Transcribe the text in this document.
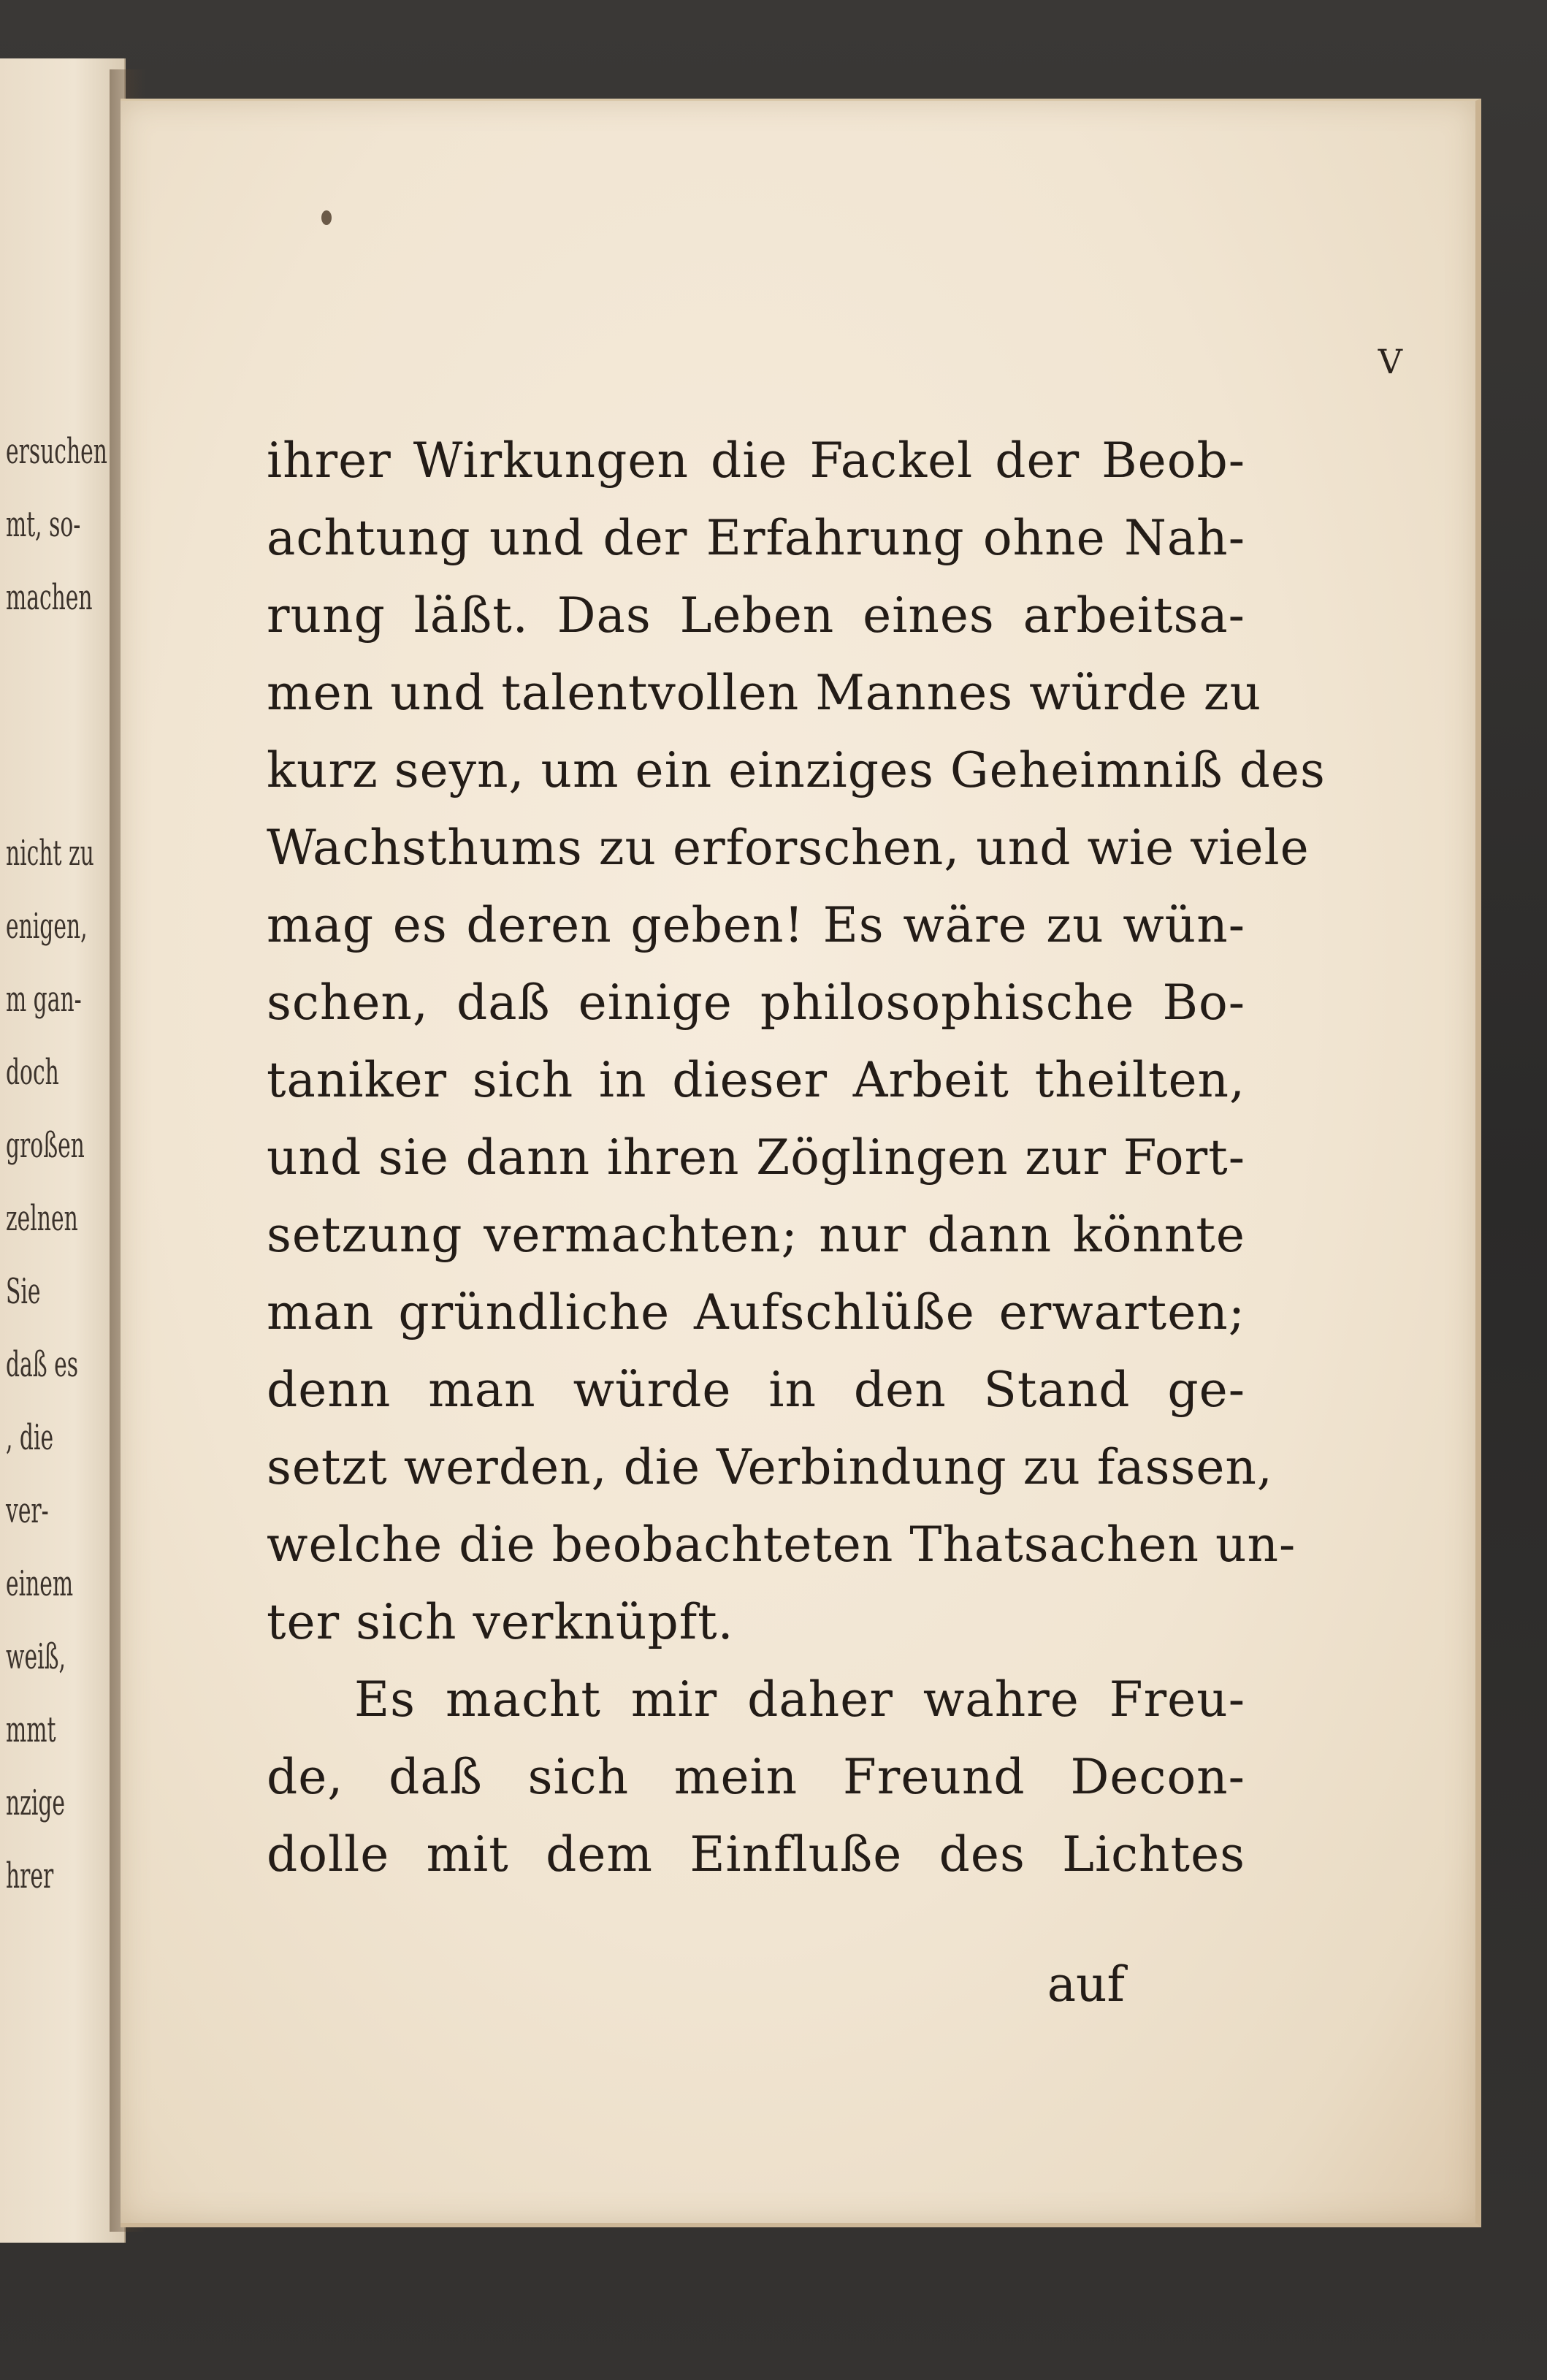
ersuchen
mt, so-
machen
nicht zu
enigen,
m gan-
doch
großen
zelnen
Sie
daß es
, die
ver-
einem
weiß,
mmt
nzige
hrer
V
ihrer Wirkungen die Fackel der Beob-
achtung und der Erfahrung ohne Nah-
rung läßt. Das Leben eines arbeitsa-
men und talentvollen Mannes würde zu
kurz seyn, um ein einziges Geheimniß des
Wachsthums zu erforschen, und wie viele
mag es deren geben! Es wäre zu wün-
schen, daß einige philosophische Bo-
taniker sich in dieser Arbeit theilten,
und sie dann ihren Zöglingen zur Fort-
setzung vermachten; nur dann könnte
man gründliche Aufschlüße erwarten;
denn man würde in den Stand ge-
setzt werden, die Verbindung zu fassen,
welche die beobachteten Thatsachen un-
ter sich verknüpft.
Es macht mir daher wahre Freu-
de, daß sich mein Freund Decon-
dolle mit dem Einfluße des Lichtes
auf
